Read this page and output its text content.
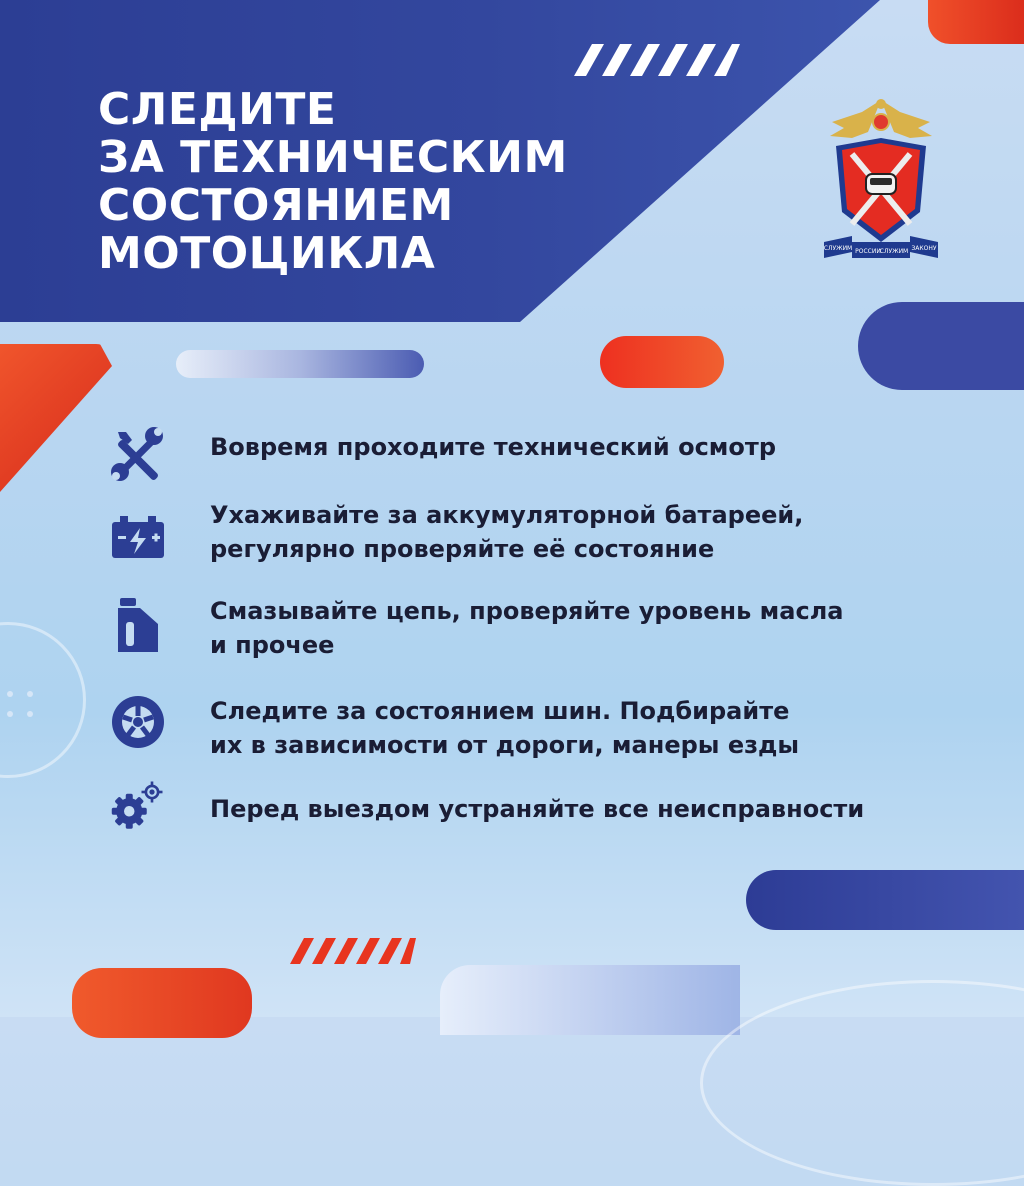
СЛЕДИТЕ
ЗА ТЕХНИЧЕСКИМ
СОСТОЯНИЕМ
МОТОЦИКЛА	СЛУЖИМ РОССИИ
СЛУЖИМ ЗАКОНУ
Вовремя проходите технический осмотр
Ухаживайте за аккумуляторной батареей,
регулярно проверяйте её состояние
Смазывайте цепь, проверяйте уровень масла
и прочее
Следите за состоянием шин. Подбирайте
их в зависимости от дороги, манеры езды
Перед выездом устраняйте все неисправности
